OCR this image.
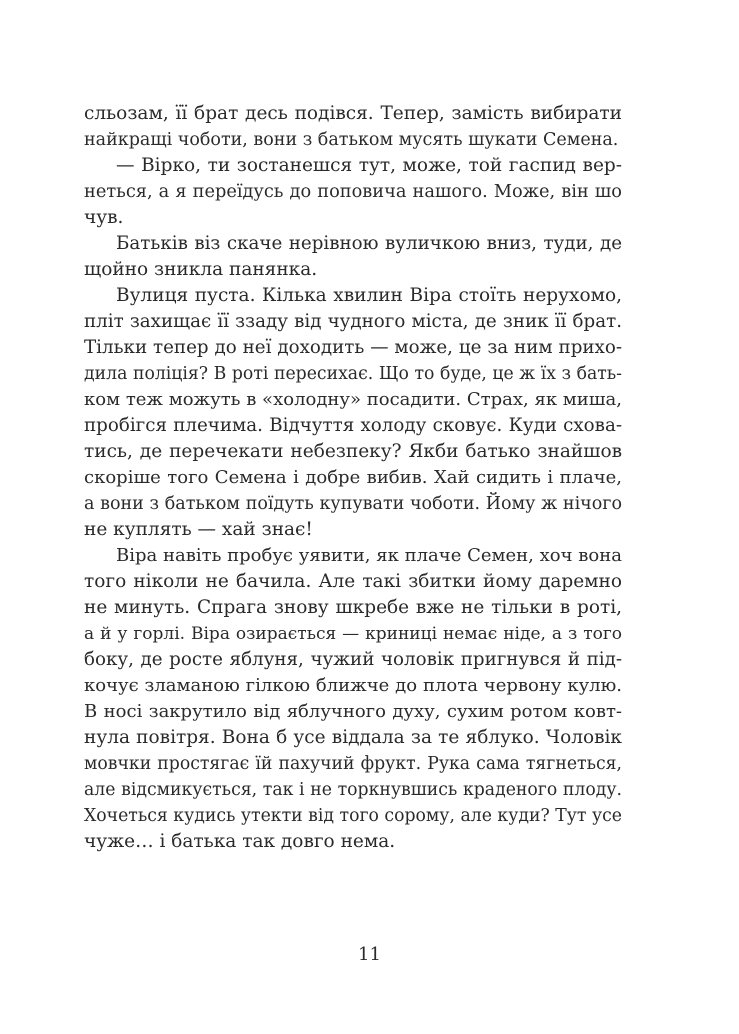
сльозам, її брат десь подівся. Тепер, замість вибирати
найкращі чоботи, вони з батьком мусять шукати Семена.
— Вірко, ти зостанешся тут, може, той гаспид вер-
неться, а я переїдусь до поповича нашого. Може, він шо
чув.
Батьків віз скаче нерівною вуличкою вниз, туди, де
щойно зникла панянка.
Вулиця пуста. Кілька хвилин Віра стоїть нерухомо,
пліт захищає її ззаду від чудного міста, де зник її брат.
Тільки тепер до неї доходить — може, це за ним прихо-
дила поліція? В роті пересихає. Що то буде, це ж їх з бать-
ком теж можуть в «холодну» посадити. Страх, як миша,
пробігся плечима. Відчуття холоду сковує. Куди схова-
тись, де перечекати небезпеку? Якби батько знайшов
скоріше того Семена і добре вибив. Хай сидить і плаче,
а вони з батьком поїдуть купувати чоботи. Йому ж нічого
не куплять — хай знає!
Віра навіть пробує уявити, як плаче Семен, хоч вона
того ніколи не бачила. Але такі збитки йому даремно
не минуть. Спрага знову шкребе вже не тільки в роті,
а й у горлі. Віра озирається — криниці немає ніде, а з того
боку, де росте яблуня, чужий чоловік пригнувся й під-
кочує зламаною гілкою ближче до плота червону кулю.
В носі закрутило від яблучного духу, сухим ротом ковт-
нула повітря. Вона б усе віддала за те яблуко. Чоловік
мовчки простягає їй пахучий фрукт. Рука сама тягнеться,
але відсмикується, так і не торкнувшись краденого плоду.
Хочеться кудись утекти від того сорому, але куди? Тут усе
чуже… і батька так довго нема.
11
